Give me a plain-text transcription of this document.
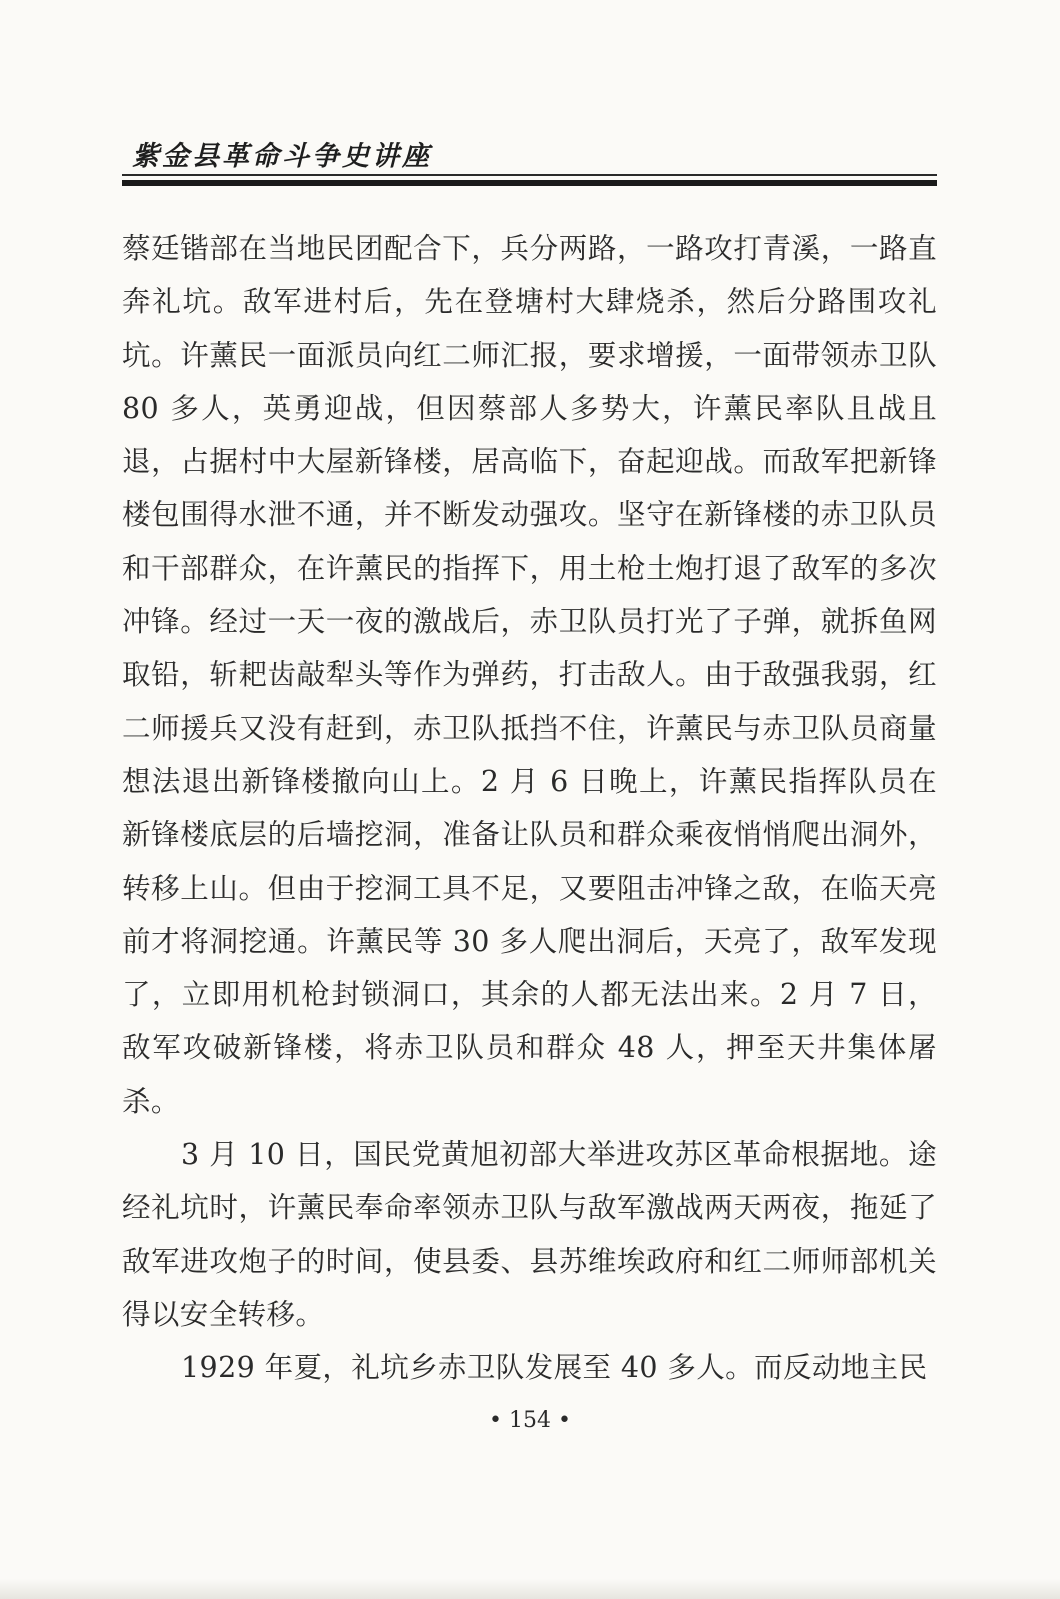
紫金县革命斗争史讲座

蔡廷锴部在当地民团配合下，兵分两路，一路攻打青溪，一路直奔礼坑。敌军进村后，先在登塘村大肆烧杀，然后分路围攻礼坑。许薰民一面派员向红二师汇报，要求增援，一面带领赤卫队 80 多人，英勇迎战，但因蔡部人多势大，许薰民率队且战且退，占据村中大屋新锋楼，居高临下，奋起迎战。而敌军把新锋楼包围得水泄不通，并不断发动强攻。坚守在新锋楼的赤卫队员和干部群众，在许薰民的指挥下，用土枪土炮打退了敌军的多次冲锋。经过一天一夜的激战后，赤卫队员打光了子弹，就拆鱼网取铅，斩耙齿敲犁头等作为弹药，打击敌人。由于敌强我弱，红二师援兵又没有赶到，赤卫队抵挡不住，许薰民与赤卫队员商量想法退出新锋楼撤向山上。2 月 6 日晚上，许薰民指挥队员在新锋楼底层的后墙挖洞，准备让队员和群众乘夜悄悄爬出洞外，转移上山。但由于挖洞工具不足，又要阻击冲锋之敌，在临天亮前才将洞挖通。许薰民等 30 多人爬出洞后，天亮了，敌军发现了，立即用机枪封锁洞口，其余的人都无法出来。2 月 7 日，敌军攻破新锋楼，将赤卫队员和群众 48 人，押至天井集体屠杀。

3 月 10 日，国民党黄旭初部大举进攻苏区革命根据地。途经礼坑时，许薰民奉命率领赤卫队与敌军激战两天两夜，拖延了敌军进攻炮子的时间，使县委、县苏维埃政府和红二师师部机关得以安全转移。

1929 年夏，礼坑乡赤卫队发展至 40 多人。而反动地主民

• 154 •
